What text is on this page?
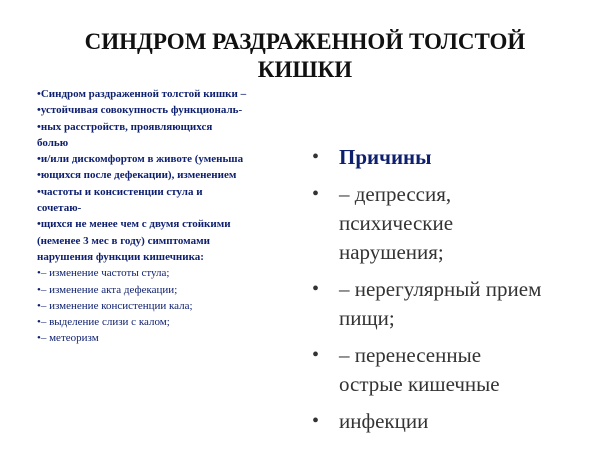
СИНДРОМ РАЗДРАЖЕННОЙ ТОЛСТОЙ
КИШКИ
•Синдром раздраженной толстой кишки –
•устойчивая совокупность функциональ-
•ных расстройств, проявляющихся
болью
•и/или дискомфортом в животе (уменьша
•ющихся после дефекации), изменением
•частоты и консистенции стула и
сочетаю-
•щихся не менее чем с двумя стойкими
(неменее 3 мес в году) симптомами
нарушения функции кишечника:
•– изменение частоты стула;
•– изменение акта дефекации;
•– изменение консистенции кала;
•– выделение слизи с калом;
•– метеоризм
• Причины
• – депрессия,
психические
нарушения;
• – нерегулярный прием
пищи;
• – перенесенные
острые кишечные
• инфекции
